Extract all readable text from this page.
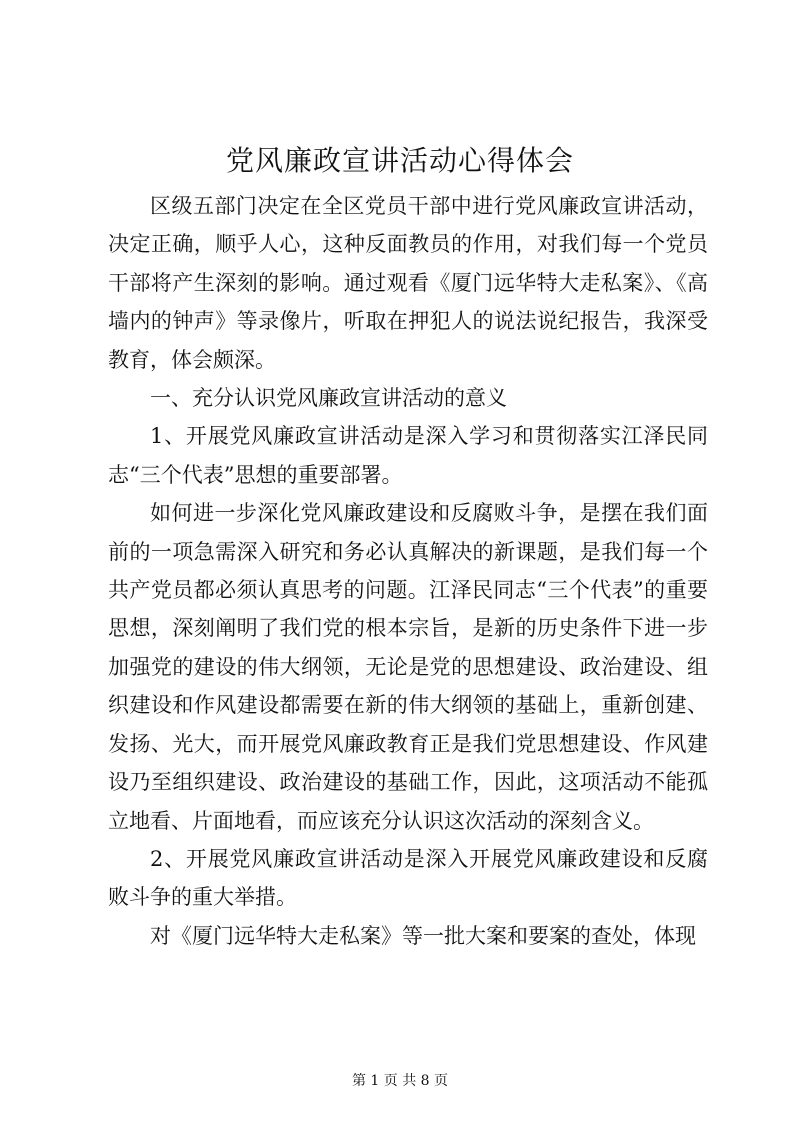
党风廉政宣讲活动心得体会

区级五部门决定在全区党员干部中进行党风廉政宣讲活动，决定正确，顺乎人心，这种反面教员的作用，对我们每一个党员干部将产生深刻的影响。通过观看《厦门远华特大走私案》、《高墙内的钟声》等录像片，听取在押犯人的说法说纪报告，我深受教育，体会颇深。

一、充分认识党风廉政宣讲活动的意义

1、开展党风廉政宣讲活动是深入学习和贯彻落实江泽民同志“三个代表”思想的重要部署。

如何进一步深化党风廉政建设和反腐败斗争，是摆在我们面前的一项急需深入研究和务必认真解决的新课题，是我们每一个共产党员都必须认真思考的问题。江泽民同志“三个代表”的重要思想，深刻阐明了我们党的根本宗旨，是新的历史条件下进一步加强党的建设的伟大纲领，无论是党的思想建设、政治建设、组织建设和作风建设都需要在新的伟大纲领的基础上，重新创建、发扬、光大，而开展党风廉政教育正是我们党思想建设、作风建设乃至组织建设、政治建设的基础工作，因此，这项活动不能孤立地看、片面地看，而应该充分认识这次活动的深刻含义。

2、开展党风廉政宣讲活动是深入开展党风廉政建设和反腐败斗争的重大举措。

对《厦门远华特大走私案》等一批大案和要案的查处，体现

第 1 页 共 8 页
